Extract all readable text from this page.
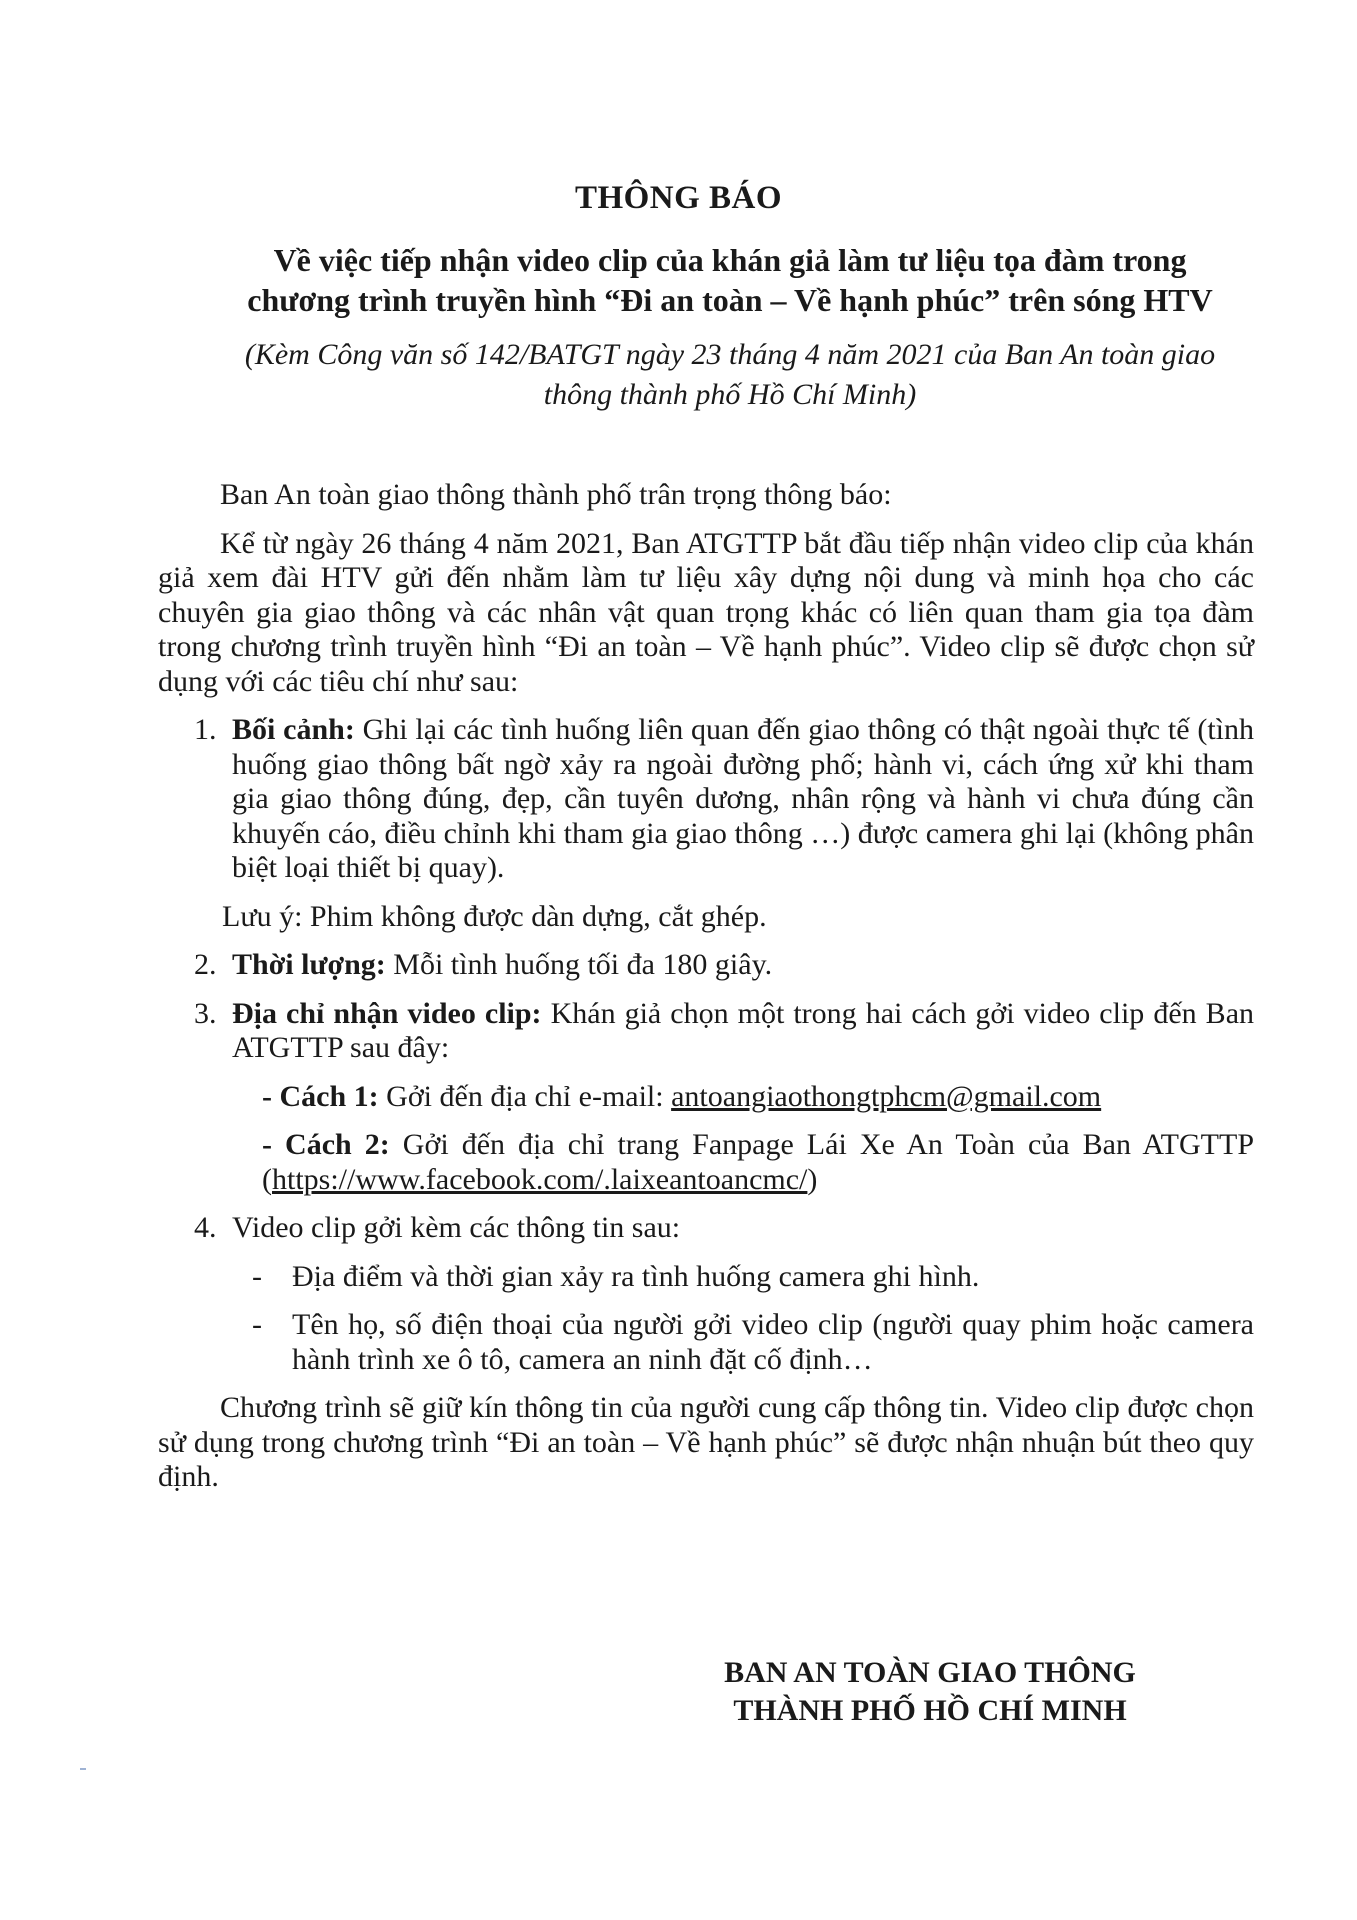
THÔNG BÁO
Về việc tiếp nhận video clip của khán giả làm tư liệu tọa đàm trong
chương trình truyền hình “Đi an toàn – Về hạnh phúc” trên sóng HTV
(Kèm Công văn số 142/BATGT ngày 23 tháng 4 năm 2021 của Ban An toàn giao
thông thành phố Hồ Chí Minh)

Ban An toàn giao thông thành phố trân trọng thông báo:

Kể từ ngày 26 tháng 4 năm 2021, Ban ATGTTP bắt đầu tiếp nhận video clip của khán giả xem đài HTV gửi đến nhằm làm tư liệu xây dựng nội dung và minh họa cho các chuyên gia giao thông và các nhân vật quan trọng khác có liên quan tham gia tọa đàm trong chương trình truyền hình “Đi an toàn – Về hạnh phúc”. Video clip sẽ được chọn sử dụng với các tiêu chí như sau:

1. Bối cảnh: Ghi lại các tình huống liên quan đến giao thông có thật ngoài thực tế (tình huống giao thông bất ngờ xảy ra ngoài đường phố; hành vi, cách ứng xử khi tham gia giao thông đúng, đẹp, cần tuyên dương, nhân rộng và hành vi chưa đúng cần khuyến cáo, điều chỉnh khi tham gia giao thông …) được camera ghi lại (không phân biệt loại thiết bị quay).

Lưu ý: Phim không được dàn dựng, cắt ghép.

2. Thời lượng: Mỗi tình huống tối đa 180 giây.
3. Địa chỉ nhận video clip: Khán giả chọn một trong hai cách gởi video clip đến Ban ATGTTP sau đây:

- Cách 1: Gởi đến địa chỉ e-mail: antoangiaothongtphcm@gmail.com

- Cách 2: Gởi đến địa chỉ trang Fanpage Lái Xe An Toàn của Ban ATGTTP (https://www.facebook.com/.laixeantoancmc/)

4. Video clip gởi kèm các thông tin sau:
- Địa điểm và thời gian xảy ra tình huống camera ghi hình.
- Tên họ, số điện thoại của người gởi video clip (người quay phim hoặc camera hành trình xe ô tô, camera an ninh đặt cố định…

Chương trình sẽ giữ kín thông tin của người cung cấp thông tin. Video clip được chọn sử dụng trong chương trình “Đi an toàn – Về hạnh phúc” sẽ được nhận nhuận bút theo quy định.

BAN AN TOÀN GIAO THÔNG
THÀNH PHỐ HỒ CHÍ MINH
